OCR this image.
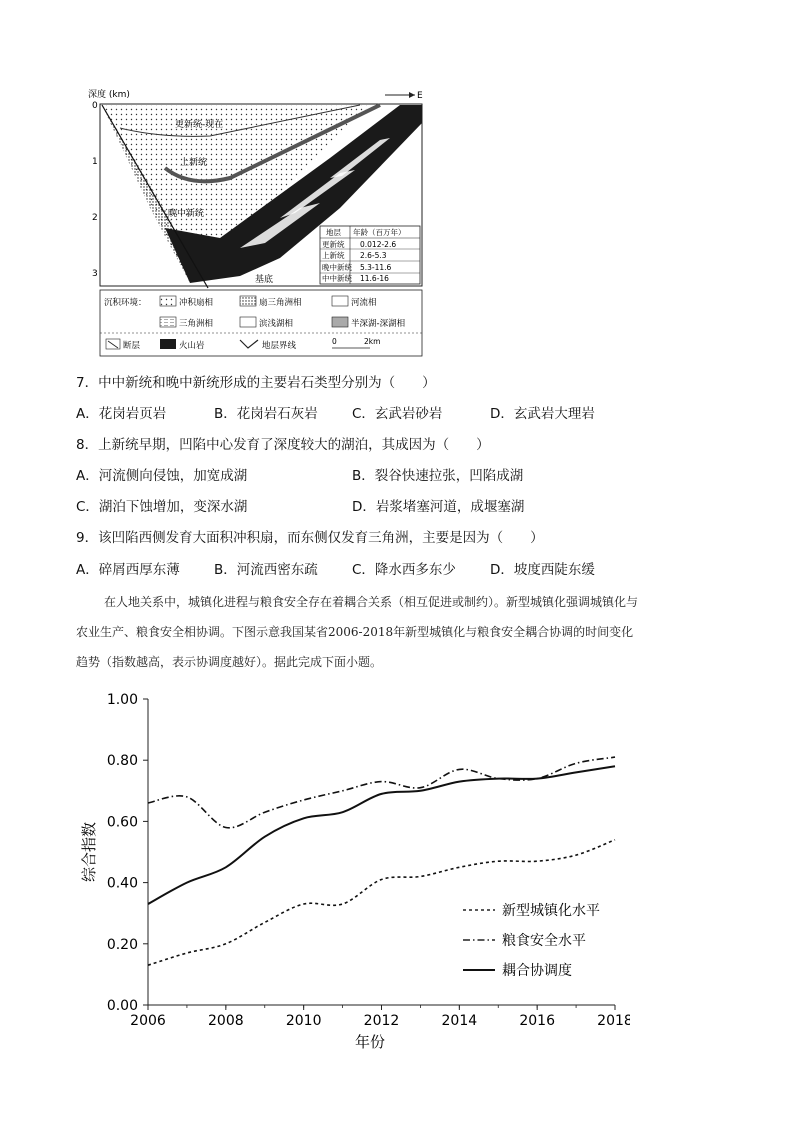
深度 (km)	E
0
1
2
3
更新统-现在
上新统
晚中新统
基底
地层 年龄（百万年）
更新统 0.012-2.6
上新统 2.6-5.3
晚中新统 5.3-11.6
中中新统 11.6-16
沉积环境：	冲积扇相	扇三角洲相	河流相
三角洲相	滨浅湖相	半深湖-深湖相
断层	火山岩	地层界线	0	2km
7．中中新统和晚中新统形成的主要岩石类型分别为（　　）
A．花岗岩页岩	B．花岗岩石灰岩	C．玄武岩砂岩	D．玄武岩大理岩
8．上新统早期，凹陷中心发育了深度较大的湖泊，其成因为（　　）
A．河流侧向侵蚀，加宽成湖	B．裂谷快速拉张，凹陷成湖
C．湖泊下蚀增加，变深水湖	D．岩浆堵塞河道，成堰塞湖
9．该凹陷西侧发育大面积冲积扇，而东侧仅发育三角洲，主要是因为（　　）
A．碎屑西厚东薄	B．河流西密东疏	C．降水西多东少	D．坡度西陡东缓
在人地关系中，城镇化进程与粮食安全存在着耦合关系（相互促进或制约）。新型城镇化强调城镇化与
农业生产、粮食安全相协调。下图示意我国某省2006-2018年新型城镇化与粮食安全耦合协调的时间变化
趋势（指数越高，表示协调度越好）。据此完成下面小题。
0.00
0.20
0.40
0.60
0.80
1.00
2006	2008	2010	2012	2014	2016	2018
年份
综合指数
新型城镇化水平
粮食安全水平
耦合协调度
